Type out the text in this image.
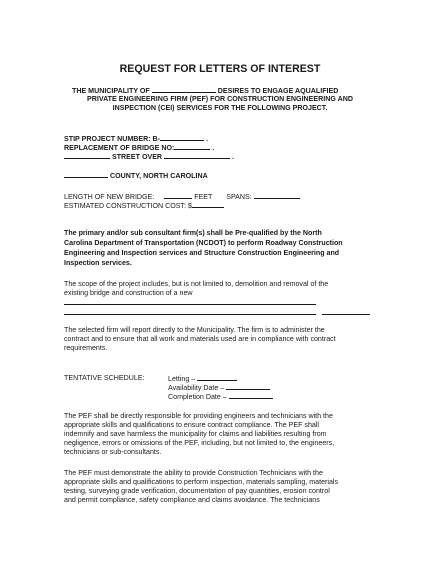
REQUEST FOR LETTERS OF INTEREST
THE MUNICIPALITY OF	DESIRES TO ENGAGE AQUALIFIED
PRIVATE ENGINEERING FIRM (PEF) FOR CONSTRUCTION ENGINEERING AND
INSPECTION (CEI) SERVICES FOR THE FOLLOWING PROJECT.
STIP PROJECT NUMBER: B-	.
REPLACEMENT OF BRIDGE NO:	.
STREET OVER	.
COUNTY, NORTH CAROLINA
LENGTH OF NEW BRIDGE:	FEET SPANS:
ESTIMATED CONSTRUCTION COST: $
The primary and/or sub consultant firm(s) shall be Pre-qualified by the North
Carolina Department of Transportation (NCDOT) to perform Roadway Construction
Engineering and Inspection services and Structure Construction Engineering and
Inspection services.
The scope of the project includes, but is not limited to, demolition and removal of the
existing bridge and construction of a new
The selected firm will report directly to the Municipality. The firm is to administer the
contract and to ensure that all work and materials used are in compliance with contract
requirements.
TENTATIVE SCHEDULE:	Letting –
Availability Date –
Completion Date –
The PEF shall be directly responsible for providing engineers and technicians with the
appropriate skills and qualifications to ensure contract compliance. The PEF shall
indemnify and save harmless the municipality for claims and liabilities resulting from
negligence, errors or omissions of the PEF, including, but not limited to, the engineers,
technicians or sub-consultants.
The PEF must demonstrate the ability to provide Construction Technicians with the
appropriate skills and qualifications to perform inspection, materials sampling, materials
testing, surveying grade verification, documentation of pay quantities, erosion control
and permit compliance, safety compliance and claims avoidance. The technicians
